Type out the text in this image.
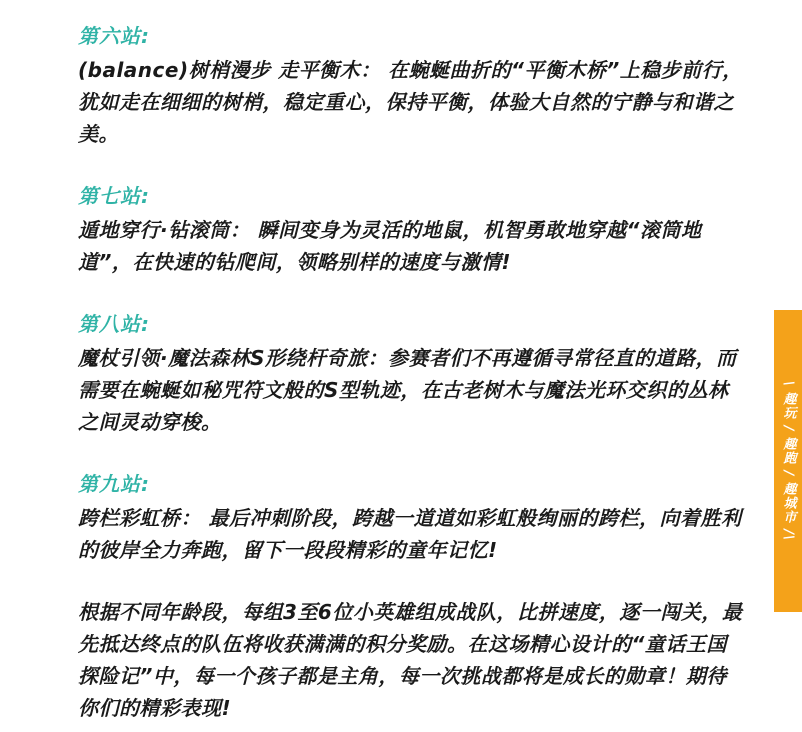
第六站:
(balance)树梢漫步 走平衡木： 在蜿蜒曲折的“平衡木桥”上稳步前行，犹如走在细细的树梢，稳定重心，保持平衡，体验大自然的宁静与和谐之美。
第七站:
遁地穿行·钻滚筒： 瞬间变身为灵活的地鼠，机智勇敢地穿越“滚筒地道”，在快速的钻爬间，领略别样的速度与激情!
第八站:
魔杖引领·魔法森林S形绕杆奇旅：参赛者们不再遵循寻常径直的道路，而需要在蜿蜒如秘咒符文般的S型轨迹，在古老树木与魔法光环交织的丛林之间灵动穿梭。
第九站:
跨栏彩虹桥： 最后冲刺阶段，跨越一道道如彩虹般绚丽的跨栏，向着胜利的彼岸全力奔跑，留下一段段精彩的童年记忆!
根据不同年龄段，每组3至6位小英雄组成战队，比拼速度，逐一闯关，最先抵达终点的队伍将收获满满的积分奖励。在这场精心设计的“童话王国探险记”中，每一个孩子都是主角，每一次挑战都将是成长的勋章！期待你们的精彩表现!
\ 趣玩 / 趣跑 / 趣城市 /\
